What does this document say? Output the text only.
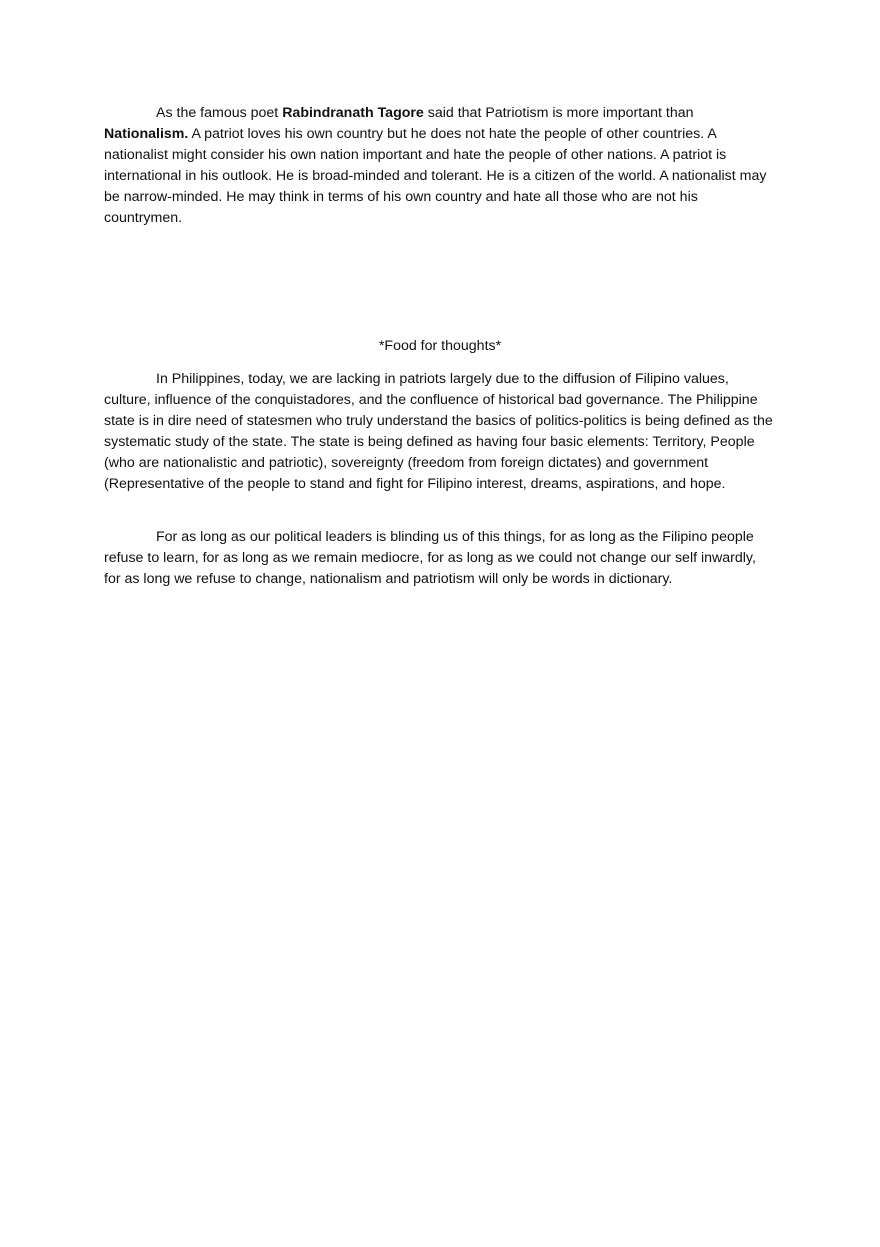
As the famous poet Rabindranath Tagore said that Patriotism is more important than Nationalism. A patriot loves his own country but he does not hate the people of other countries. A nationalist might consider his own nation important and hate the people of other nations. A patriot is international in his outlook. He is broad-minded and tolerant. He is a citizen of the world. A nationalist may be narrow-minded. He may think in terms of his own country and hate all those who are not his countrymen.

*Food for thoughts*

In Philippines, today, we are lacking in patriots largely due to the diffusion of Filipino values, culture, influence of the conquistadores, and the confluence of historical bad governance. The Philippine state is in dire need of statesmen who truly understand the basics of politics-politics is being defined as the systematic study of the state. The state is being defined as having four basic elements: Territory, People (who are nationalistic and patriotic), sovereignty (freedom from foreign dictates) and government (Representative of the people to stand and fight for Filipino interest, dreams, aspirations, and hope.

For as long as our political leaders is blinding us of this things, for as long as the Filipino people refuse to learn, for as long as we remain mediocre, for as long as we could not change our self inwardly, for as long we refuse to change, nationalism and patriotism will only be words in dictionary.
